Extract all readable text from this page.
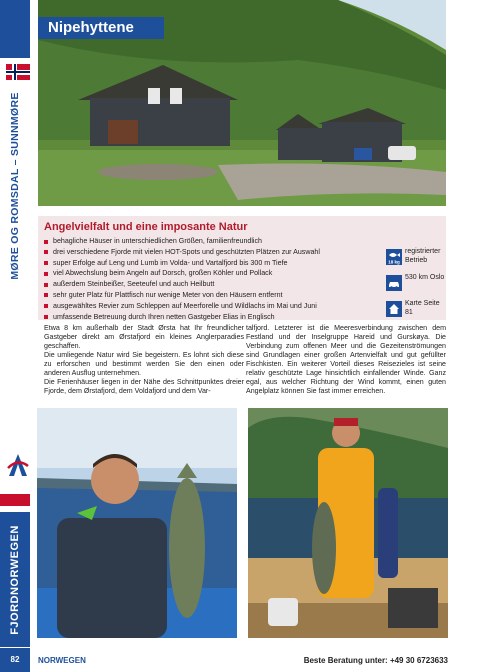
MØRE OG ROMSDAL – SUNNMØRE
FJORDNORWEGEN
Nipehyttene
Angelvielfalt und eine imposante Natur
behagliche Häuser in unterschiedlichen Größen, familienfreundlich
drei verschiedene Fjorde mit vielen HOT-Spots und geschützten Plätzen zur Auswahl
super Erfolge auf Leng und Lumb im Volda- und Vartalfjord bis 300 m Tiefe
viel Abwechslung beim Angeln auf Dorsch, großen Köhler und Pollack
außerdem Steinbeißer, Seeteufel und auch Heilbutt
sehr guter Platz für Plattfisch nur wenige Meter von den Häusern entfernt
ausgewähltes Revier zum Schleppen auf Meerforelle und Wildlachs im Mai und Juni
umfassende Betreuung durch Ihren netten Gastgeber Elias in Englisch
18 kg
registrierter Betrieb
530 km Oslo
Karte Seite 81

Etwa 8 km außerhalb der Stadt Ørsta hat Ihr freundlicher Gastgeber direkt am Ørstafjord ein kleines Anglerparadies geschaffen.

Die umliegende Natur wird Sie begeistern. Es lohnt sich diese zu erforschen und bestimmt werden Sie den einen oder anderen Ausflug unternehmen.

Die Ferienhäuser liegen in der Nähe des Schnittpunktes dreier Fjorde, dem Ørstafjord, dem Voldafjord und dem Var-

talfjord. Letzterer ist die Meeresverbindung zwischen dem Festland und der Inselgruppe Hareid und Gurskøya. Die Verbindung zum offenen Meer und die Gezeitenströmungen sind Grundlagen einer großen Artenvielfalt und gut gefüllter Fischkisten. Ein weiterer Vorteil dieses Reisezieles ist seine relativ geschützte Lage hinsichtlich einfallender Winde. Ganz egal, aus welcher Richtung der Wind kommt, einen guten Angelplatz können Sie fast immer erreichen.

82	NORWEGEN	Beste Beratung unter: +49 30 6723633
